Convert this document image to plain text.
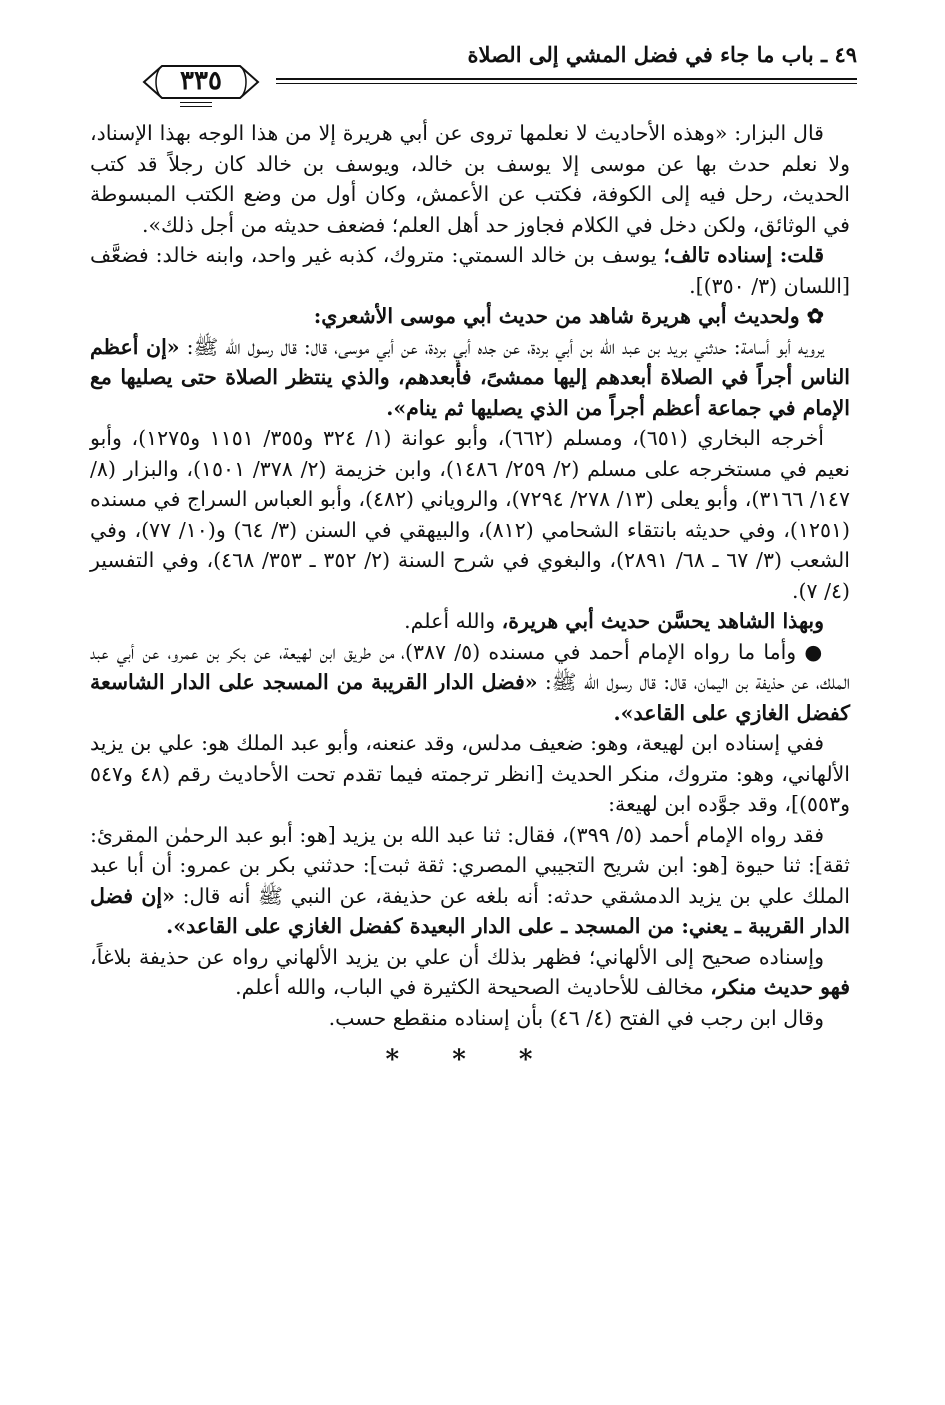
٤٩ ـ باب ما جاء في فضل المشي إلى الصلاة
٣٣٥

قال البزار: «وهذه الأحاديث لا نعلمها تروى عن أبي هريرة إلا من هذا الوجه بهذا الإسناد، ولا نعلم حدث بها عن موسى إلا يوسف بن خالد، ويوسف بن خالد كان رجلاً قد كتب الحديث، رحل فيه إلى الكوفة، فكتب عن الأعمش، وكان أول من وضع الكتب المبسوطة في الوثائق، ولكن دخل في الكلام فجاوز حد أهل العلم؛ فضعف حديثه من أجل ذلك».

قلت: إسناده تالف؛ يوسف بن خالد السمتي: متروك، كذبه غير واحد، وابنه خالد: فضعَّف [اللسان (٣/ ٣٥٠)].

✿ ولحديث أبي هريرة شاهد من حديث أبي موسى الأشعري:

يرويه أبو أسامة: حدثني بريد بن عبد الله بن أبي بردة، عن جده أبي بردة، عن أبي موسى، قال: قال رسول الله ﷺ: «إن أعظم الناس أجراً في الصلاة أبعدهم إليها ممشىً، فأبعدهم، والذي ينتظر الصلاة حتى يصليها مع الإمام في جماعة أعظم أجراً من الذي يصليها ثم ينام».

أخرجه البخاري (٦٥١)، ومسلم (٦٦٢)، وأبو عوانة (١/ ٣٢٤ و٣٥٥/ ١١٥١ و١٢٧٥)، وأبو نعيم في مستخرجه على مسلم (٢/ ٢٥٩/ ١٤٨٦)، وابن خزيمة (٢/ ٣٧٨/ ١٥٠١)، والبزار (٨/ ١٤٧/ ٣١٦٦)، وأبو يعلى (١٣/ ٢٧٨/ ٧٢٩٤)، والروياني (٤٨٢)، وأبو العباس السراج في مسنده (١٢٥١)، وفي حديثه بانتقاء الشحامي (٨١٢)، والبيهقي في السنن (٣/ ٦٤) و(١٠/ ٧٧)، وفي الشعب (٣/ ٦٧ ـ ٦٨/ ٢٨٩١)، والبغوي في شرح السنة (٢/ ٣٥٢ ـ ٣٥٣/ ٤٦٨)، وفي التفسير (٤/ ٧).

وبهذا الشاهد يحسَّن حديث أبي هريرة، والله أعلم.

● وأما ما رواه الإمام أحمد في مسنده (٥/ ٣٨٧)، من طريق ابن لهيعة، عن بكر بن عمرو، عن أبي عبد الملك، عن حذيفة بن اليمان، قال: قال رسول الله ﷺ: «فضل الدار القريبة من المسجد على الدار الشاسعة كفضل الغازي على القاعد».

ففي إسناده ابن لهيعة، وهو: ضعيف مدلس، وقد عنعنه، وأبو عبد الملك هو: علي بن يزيد الألهاني، وهو: متروك، منكر الحديث [انظر ترجمته فيما تقدم تحت الأحاديث رقم (٤٨ و٥٤٧ و٥٥٣)]، وقد جوَّده ابن لهيعة:

فقد رواه الإمام أحمد (٥/ ٣٩٩)، فقال: ثنا عبد الله بن يزيد [هو: أبو عبد الرحمٰن المقرئ: ثقة]: ثنا حيوة [هو: ابن شريح التجيبي المصري: ثقة ثبت]: حدثني بكر بن عمرو: أن أبا عبد الملك علي بن يزيد الدمشقي حدثه: أنه بلغه عن حذيفة، عن النبي ﷺ أنه قال: «إن فضل الدار القريبة ـ يعني: من المسجد ـ على الدار البعيدة كفضل الغازي على القاعد».

وإسناده صحيح إلى الألهاني؛ فظهر بذلك أن علي بن يزيد الألهاني رواه عن حذيفة بلاغاً، فهو حديث منكر، مخالف للأحاديث الصحيحة الكثيرة في الباب، والله أعلم.

وقال ابن رجب في الفتح (٤/ ٤٦) بأن إسناده منقطع حسب.

* * *
